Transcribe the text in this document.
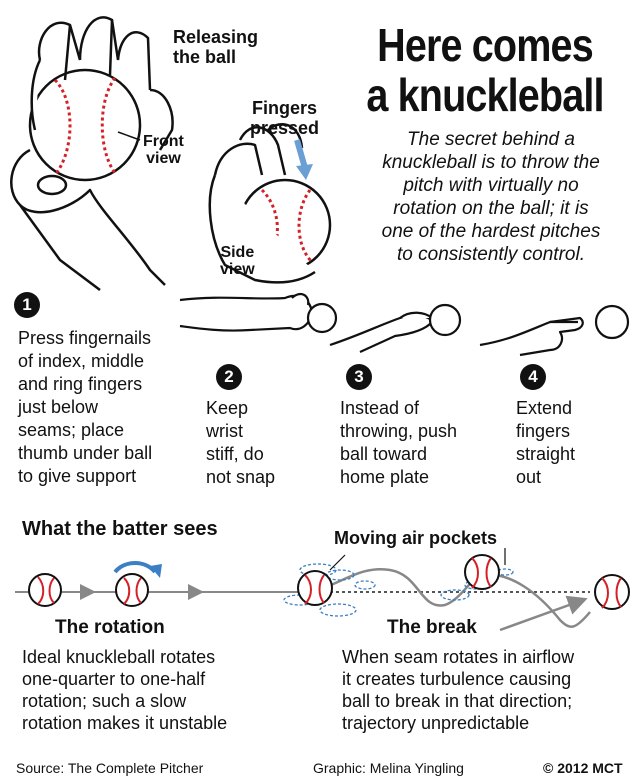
Here comes
a knuckleball
The secret behind a
knuckleball is to throw the
pitch with virtually no
rotation on the ball; it is
one of the hardest pitches
to consistently control.
Releasing
the ball
Front
view
Fingers
pressed
Side
view
1
Press fingernails
of index, middle
and ring fingers
just below
seams; place
thumb under ball
to give support
2
Keep
wrist
stiff, do
not snap
3
Instead of
throwing, push
ball toward
home plate
4
Extend
fingers
straight
out
What the batter sees	Moving air pockets
The rotation
Ideal knuckleball rotates
one-quarter to one-half
rotation; such a slow
rotation makes it unstable
The break
When seam rotates in airflow
it creates turbulence causing
ball to break in that direction;
trajectory unpredictable
Source: The Complete Pitcher	Graphic: Melina Yingling	© 2012 MCT
